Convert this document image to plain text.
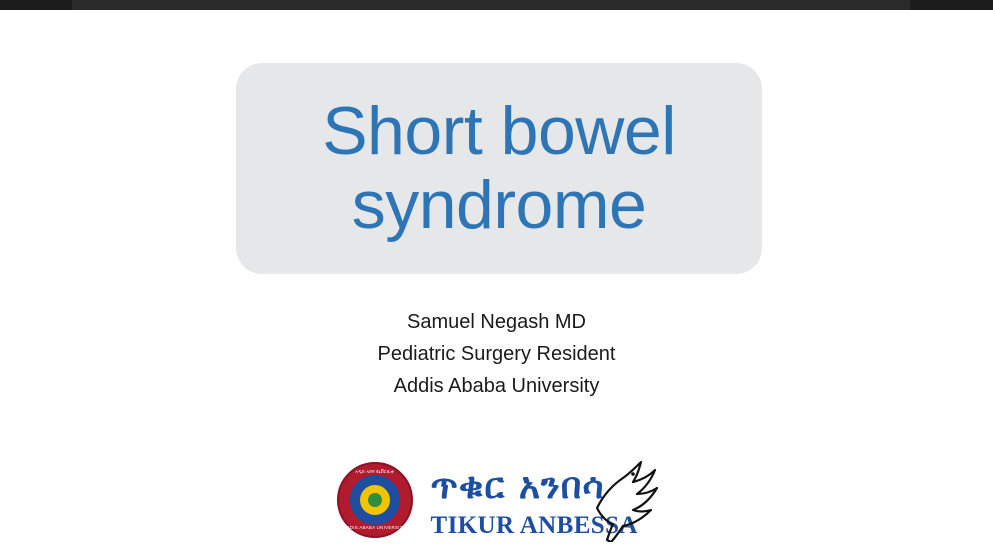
Short bowel syndrome
Samuel Negash MD
Pediatric Surgery Resident
Addis Ababa University
አዲስ አበባ ዩኒቨርሲቲ
ADDIS ABABA UNIVERSITY
ጥቁር አንበሳ
TIKUR ANBESSA
